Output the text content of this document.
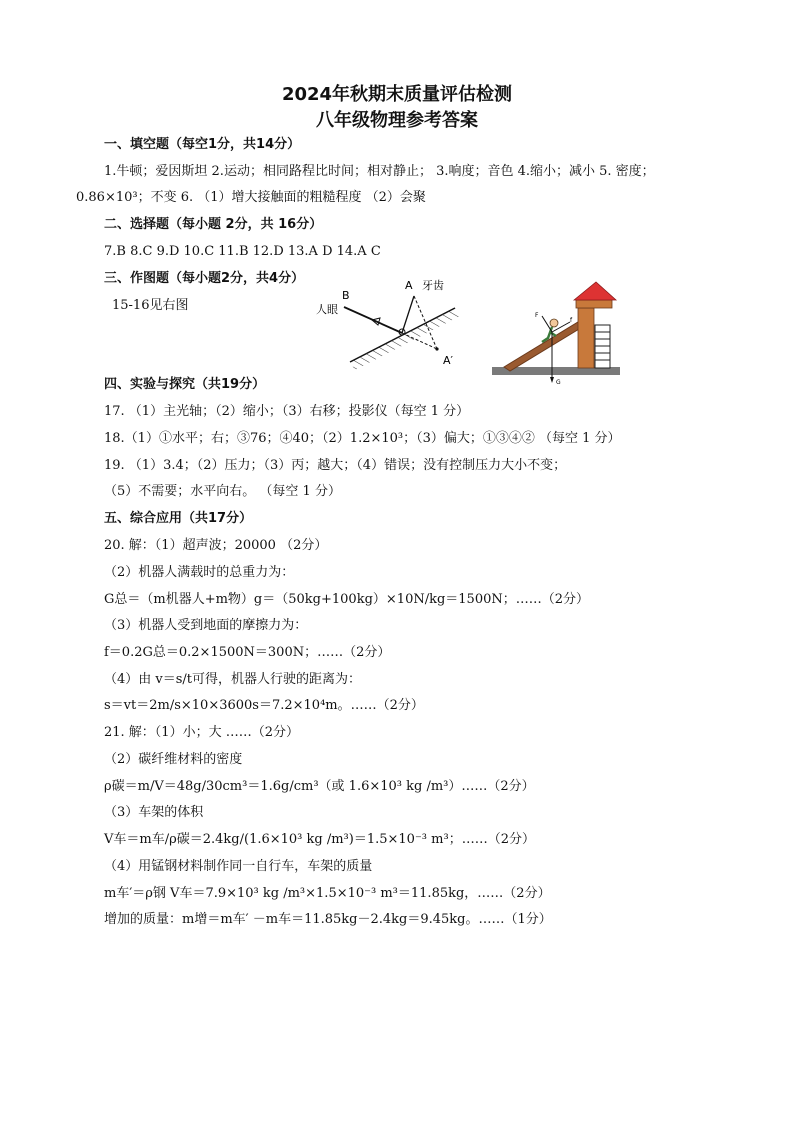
2024年秋期末质量评估检测
八年级物理参考答案
一、填空题（每空1分，共14分）
1.牛顿；爱因斯坦 2.运动；相同路程比时间；相对静止； 3.响度；音色 4.缩小；减小 5. 密度；
0.86×10³；不变 6. （1）增大接触面的粗糙程度 （2）会聚
二、选择题（每小题 2分，共 16分）
7.B 8.C 9.D 10.C 11.B 12.D 13.A D 14.A C
三、作图题（每小题2分，共4分）
15-16见右图
B
A 牙齿
人眼
A′
F
f
G
四、实验与探究（共19分）
17. （1）主光轴；（2）缩小；（3）右移；投影仪（每空 1 分）
18.（1）①水平；右；③76；④40；（2）1.2×10³；（3）偏大；①③④② （每空 1 分）
19. （1）3.4；（2）压力；（3）丙；越大；（4）错误；没有控制压力大小不变；
（5）不需要；水平向右。 （每空 1 分）
五、综合应用（共17分）
20. 解：（1）超声波；20000 （2分）
（2）机器人满载时的总重力为：
G总＝（m机器人+m物）g＝（50kg+100kg）×10N/kg＝1500N；……（2分）
（3）机器人受到地面的摩擦力为：
f＝0.2G总＝0.2×1500N＝300N；……（2分）
（4）由 v＝s/t可得，机器人行驶的距离为：
s＝vt＝2m/s×10×3600s＝7.2×10⁴m。……（2分）
21. 解：（1）小；大 ……（2分）
（2）碳纤维材料的密度
ρ碳＝m/V＝48g/30cm³＝1.6g/cm³（或 1.6×10³ kg /m³）……（2分）
（3）车架的体积
V车＝m车/ρ碳＝2.4kg/(1.6×10³ kg /m³)＝1.5×10⁻³ m³；……（2分）
（4）用锰钢材料制作同一自行车，车架的质量
m车′＝ρ钢 V车＝7.9×10³ kg /m³×1.5×10⁻³ m³＝11.85kg，……（2分）
增加的质量：m增＝m车′ －m车＝11.85kg－2.4kg＝9.45kg。……（1分）
